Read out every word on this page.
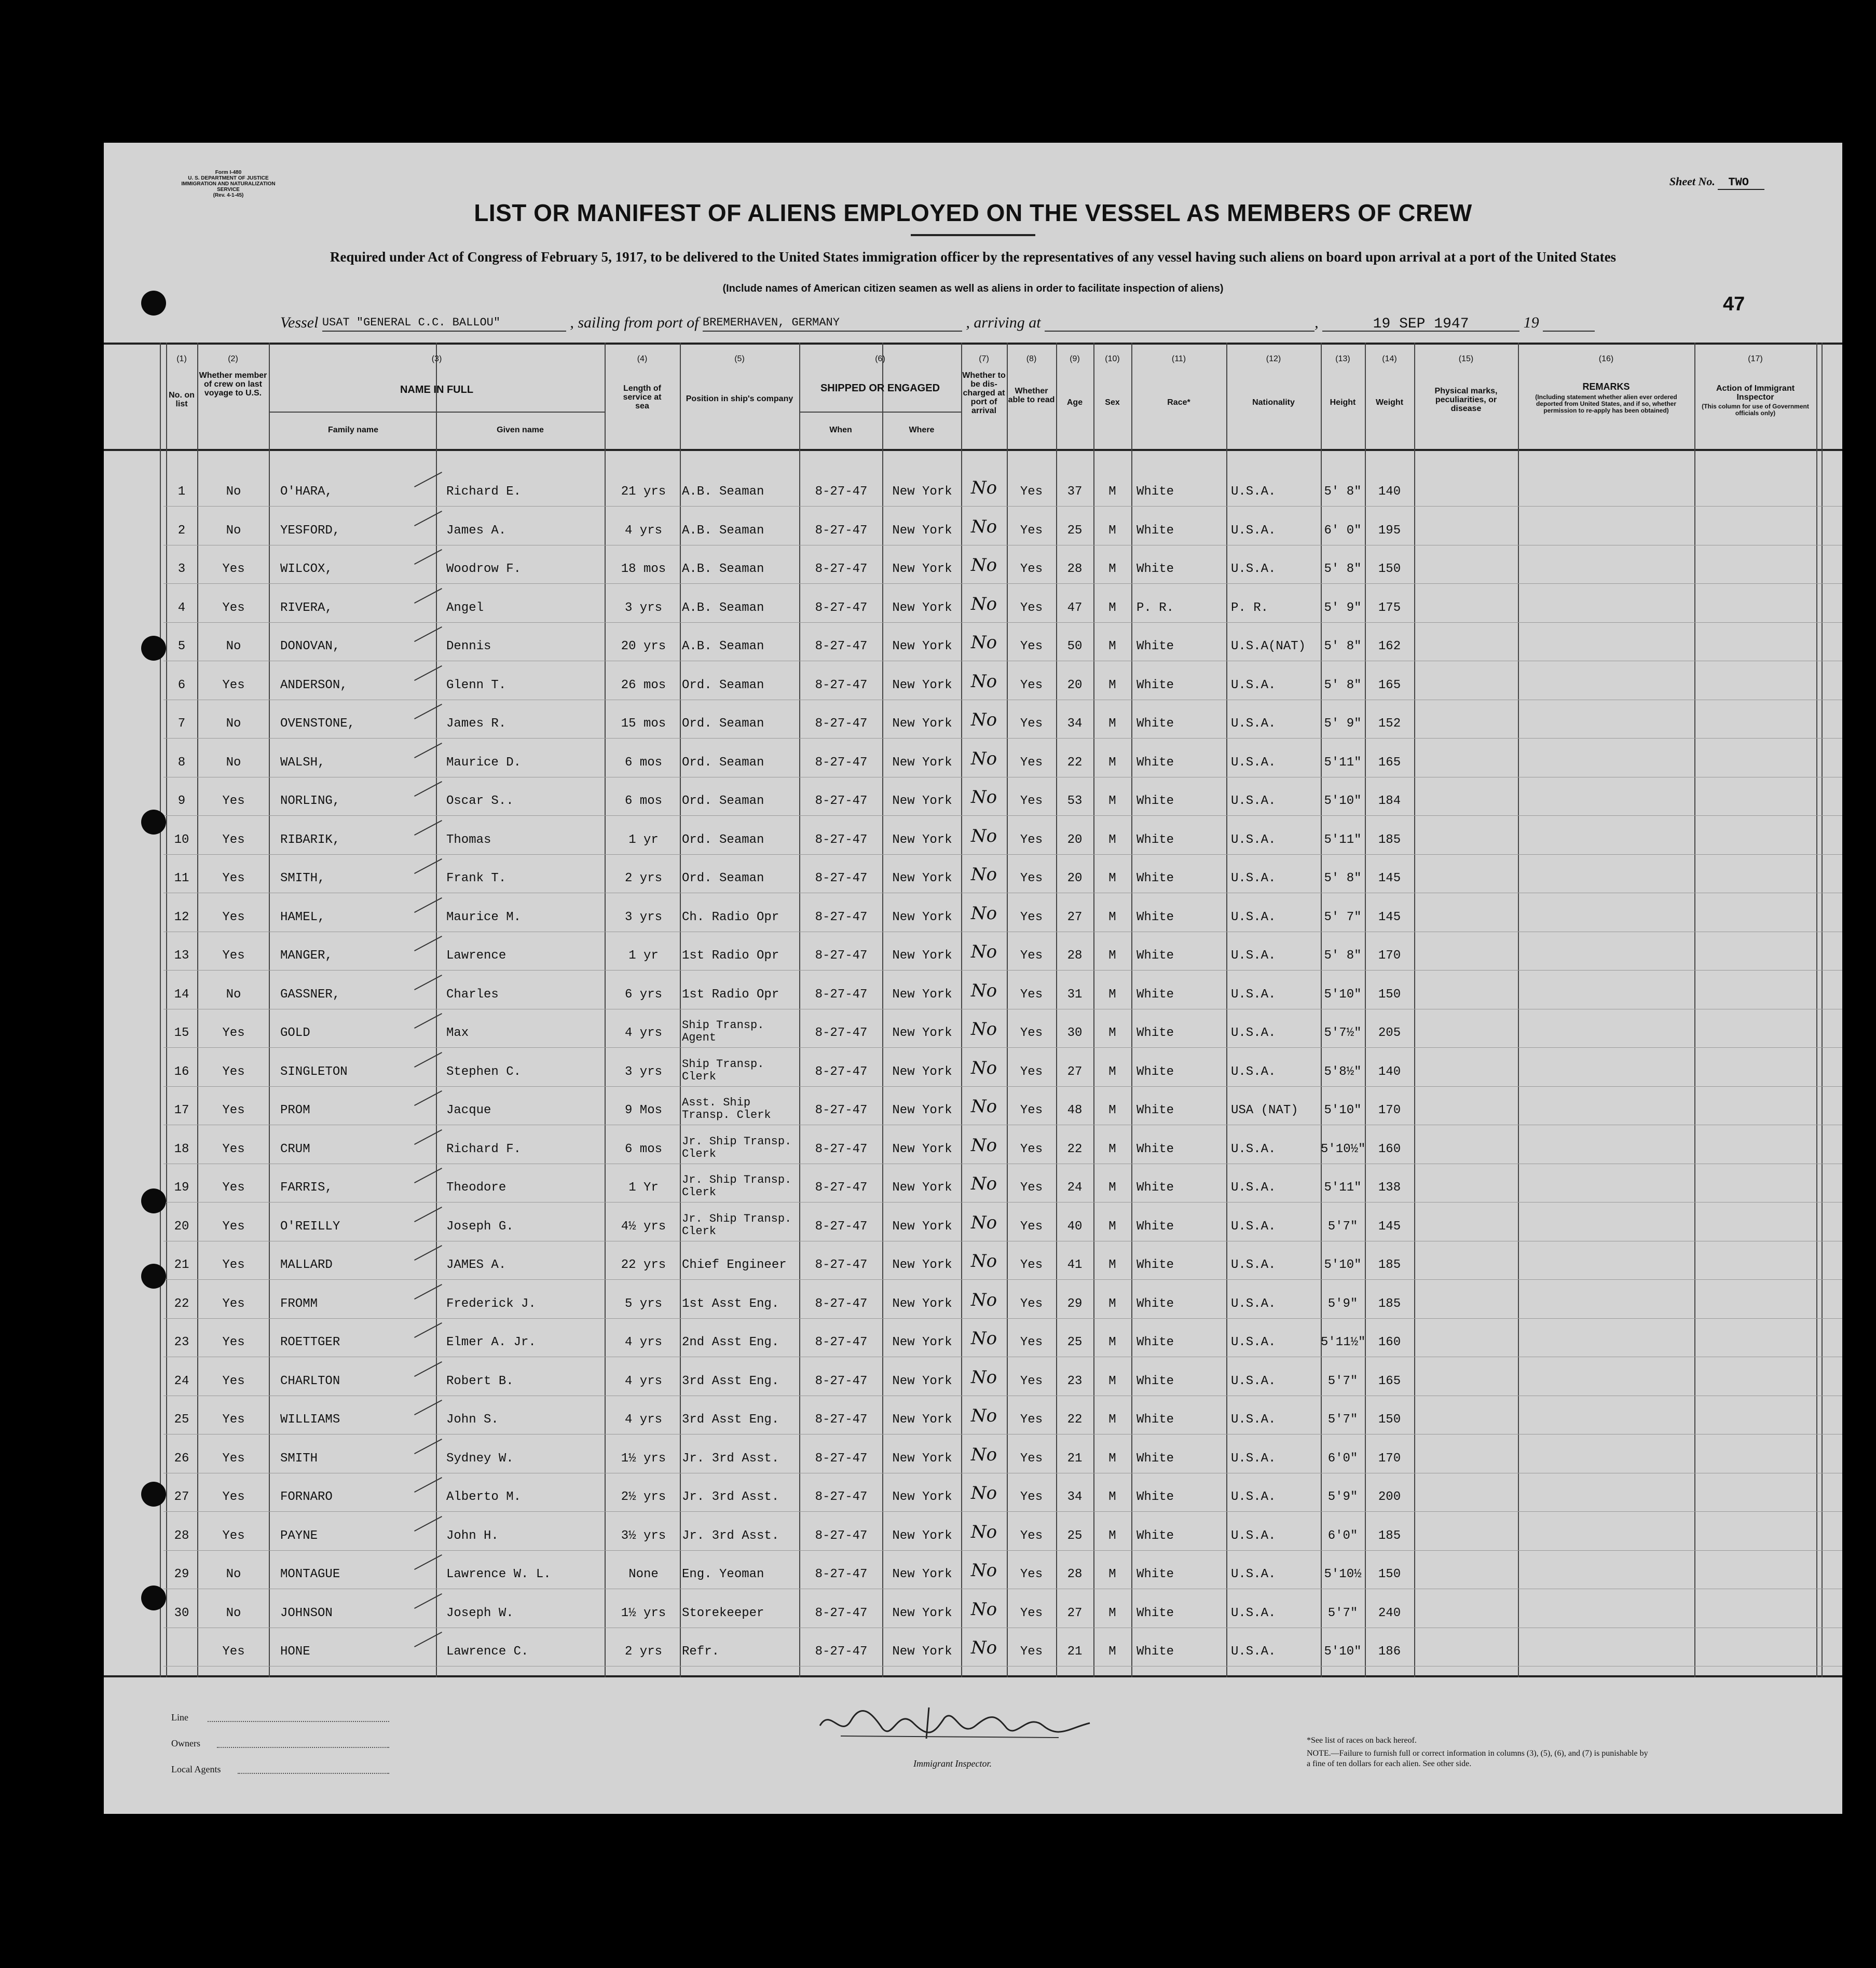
Form I-480
U. S. DEPARTMENT OF JUSTICE
IMMIGRATION AND NATURALIZATION SERVICE
(Rev. 4-1-45)
Sheet No. TWO
LIST OR MANIFEST OF ALIENS EMPLOYED ON THE VESSEL AS MEMBERS OF CREW
Required under Act of Congress of February 5, 1917, to be delivered to the United States immigration officer by the representatives of any vessel having such aliens on board upon arrival at a port of the United States
(Include names of American citizen seamen as well as aliens in order to facilitate inspection of aliens)
Vessel USAT "GENERAL C.C. BALLOU"	, sailing from port of BREMERHAVEN, GERMANY	, arriving at	,	19 SEP 1947	19
47
(1)	(2)	(3)	(4)	(5)	(6)	(7)	(8)	(9)	(10)	(11)	(12)	(13)	(14)	(15)	(16)	(17)
No. on list
Whether member of crew on last voyage to U.S.	NAME IN FULL
Family name	Given name
Length of service at sea
Position in ship's company
SHIPPED OR ENGAGED
When	Where
Whether to be dis-charged at port of arrival
Whether able to read	Age	Sex	Race*	Nationality	Height	Weight
Physical marks, peculiarities, or disease
REMARKS
(Including statement whether alien ever ordered deported from United States, and if so, whether permission to re-apply has been obtained)
Action of Immigrant Inspector
(This column for use of Government officials only)
1	No	O'HARA,	Richard E.	21 yrs	A.B. Seaman	8-27-47	New York	No	Yes	37	M	White	U.S.A.	5' 8"	140
2	No	YESFORD,	James A.	4 yrs	A.B. Seaman	8-27-47	New York	No	Yes	25	M	White	U.S.A.	6' 0"	195
3	Yes	WILCOX,	Woodrow F.	18 mos	A.B. Seaman	8-27-47	New York	No	Yes	28	M	White	U.S.A.	5' 8"	150
4	Yes	RIVERA,	Angel	3 yrs	A.B. Seaman	8-27-47	New York	No	Yes	47	M	P. R.	P. R.	5' 9"	175
5	No	DONOVAN,	Dennis	20 yrs	A.B. Seaman	8-27-47	New York	No	Yes	50	M	White	U.S.A(NAT)	5' 8"	162
6	Yes	ANDERSON,	Glenn T.	26 mos	Ord. Seaman	8-27-47	New York	No	Yes	20	M	White	U.S.A.	5' 8"	165
7	No	OVENSTONE,	James R.	15 mos	Ord. Seaman	8-27-47	New York	No	Yes	34	M	White	U.S.A.	5' 9"	152
8	No	WALSH,	Maurice D.	6 mos	Ord. Seaman	8-27-47	New York	No	Yes	22	M	White	U.S.A.	5'11"	165
9	Yes	NORLING,	Oscar S..	6 mos	Ord. Seaman	8-27-47	New York	No	Yes	53	M	White	U.S.A.	5'10"	184
10	Yes	RIBARIK,	Thomas	1 yr	Ord. Seaman	8-27-47	New York	No	Yes	20	M	White	U.S.A.	5'11"	185
11	Yes	SMITH,	Frank T.	2 yrs	Ord. Seaman	8-27-47	New York	No	Yes	20	M	White	U.S.A.	5' 8"	145
12	Yes	HAMEL,	Maurice M.	3 yrs	Ch. Radio Opr	8-27-47	New York	No	Yes	27	M	White	U.S.A.	5' 7"	145
13	Yes	MANGER,	Lawrence	1 yr	1st Radio Opr	8-27-47	New York	No	Yes	28	M	White	U.S.A.	5' 8"	170
14	No	GASSNER,	Charles	6 yrs	1st Radio Opr	8-27-47	New York	No	Yes	31	M	White	U.S.A.	5'10"	150
15	Yes	GOLD	Max	4 yrs
Ship Transp. Agent	8-27-47	New York	No	Yes	30	M	White	U.S.A.	5'7½"	205
16	Yes	SINGLETON	Stephen C.	3 yrs
Ship Transp. Clerk	8-27-47	New York	No	Yes	27	M	White	U.S.A.	5'8½"	140
17	Yes	PROM	Jacque	9 Mos
Asst. Ship Transp. Clerk	8-27-47	New York	No	Yes	48	M	White	USA (NAT)	5'10"	170
18	Yes	CRUM	Richard F.	6 mos
Jr. Ship Transp. Clerk	8-27-47	New York	No	Yes	22	M	White	U.S.A.	5'10½"	160
19	Yes	FARRIS,	Theodore	1 Yr
Jr. Ship Transp. Clerk	8-27-47	New York	No	Yes	24	M	White	U.S.A.	5'11"	138
20	Yes	O'REILLY	Joseph G.	4½ yrs
Jr. Ship Transp. Clerk	8-27-47	New York	No	Yes	40	M	White	U.S.A.	5'7"	145
21	Yes	MALLARD	JAMES A.	22 yrs	Chief Engineer	8-27-47	New York	No	Yes	41	M	White	U.S.A.	5'10"	185
22	Yes	FROMM	Frederick J.	5 yrs	1st Asst Eng.	8-27-47	New York	No	Yes	29	M	White	U.S.A.	5'9"	185
23	Yes	ROETTGER	Elmer A. Jr.	4 yrs	2nd Asst Eng.	8-27-47	New York	No	Yes	25	M	White	U.S.A.	5'11½"	160
24	Yes	CHARLTON	Robert B.	4 yrs	3rd Asst Eng.	8-27-47	New York	No	Yes	23	M	White	U.S.A.	5'7"	165
25	Yes	WILLIAMS	John S.	4 yrs	3rd Asst Eng.	8-27-47	New York	No	Yes	22	M	White	U.S.A.	5'7"	150
26	Yes	SMITH	Sydney W.	1½ yrs	Jr. 3rd Asst.	8-27-47	New York	No	Yes	21	M	White	U.S.A.	6'0"	170
27	Yes	FORNARO	Alberto M.	2½ yrs	Jr. 3rd Asst.	8-27-47	New York	No	Yes	34	M	White	U.S.A.	5'9"	200
28	Yes	PAYNE	John H.	3½ yrs	Jr. 3rd Asst.	8-27-47	New York	No	Yes	25	M	White	U.S.A.	6'0"	185
29	No	MONTAGUE	Lawrence W. L.	None	Eng. Yeoman	8-27-47	New York	No	Yes	28	M	White	U.S.A.	5'10½	150
30	No	JOHNSON	Joseph W.	1½ yrs	Storekeeper	8-27-47	New York	No	Yes	27	M	White	U.S.A.	5'7"	240
Yes	HONE	Lawrence C.	2 yrs	Refr.	8-27-47	New York	No	Yes	21	M	White	U.S.A.	5'10"	186
Line
Owners
Local Agents
Immigrant Inspector.
*See list of races on back hereof.
NOTE.—Failure to furnish full or correct information in columns (3), (5), (6), and (7) is punishable by a fine of ten dollars for each alien. See other side.
